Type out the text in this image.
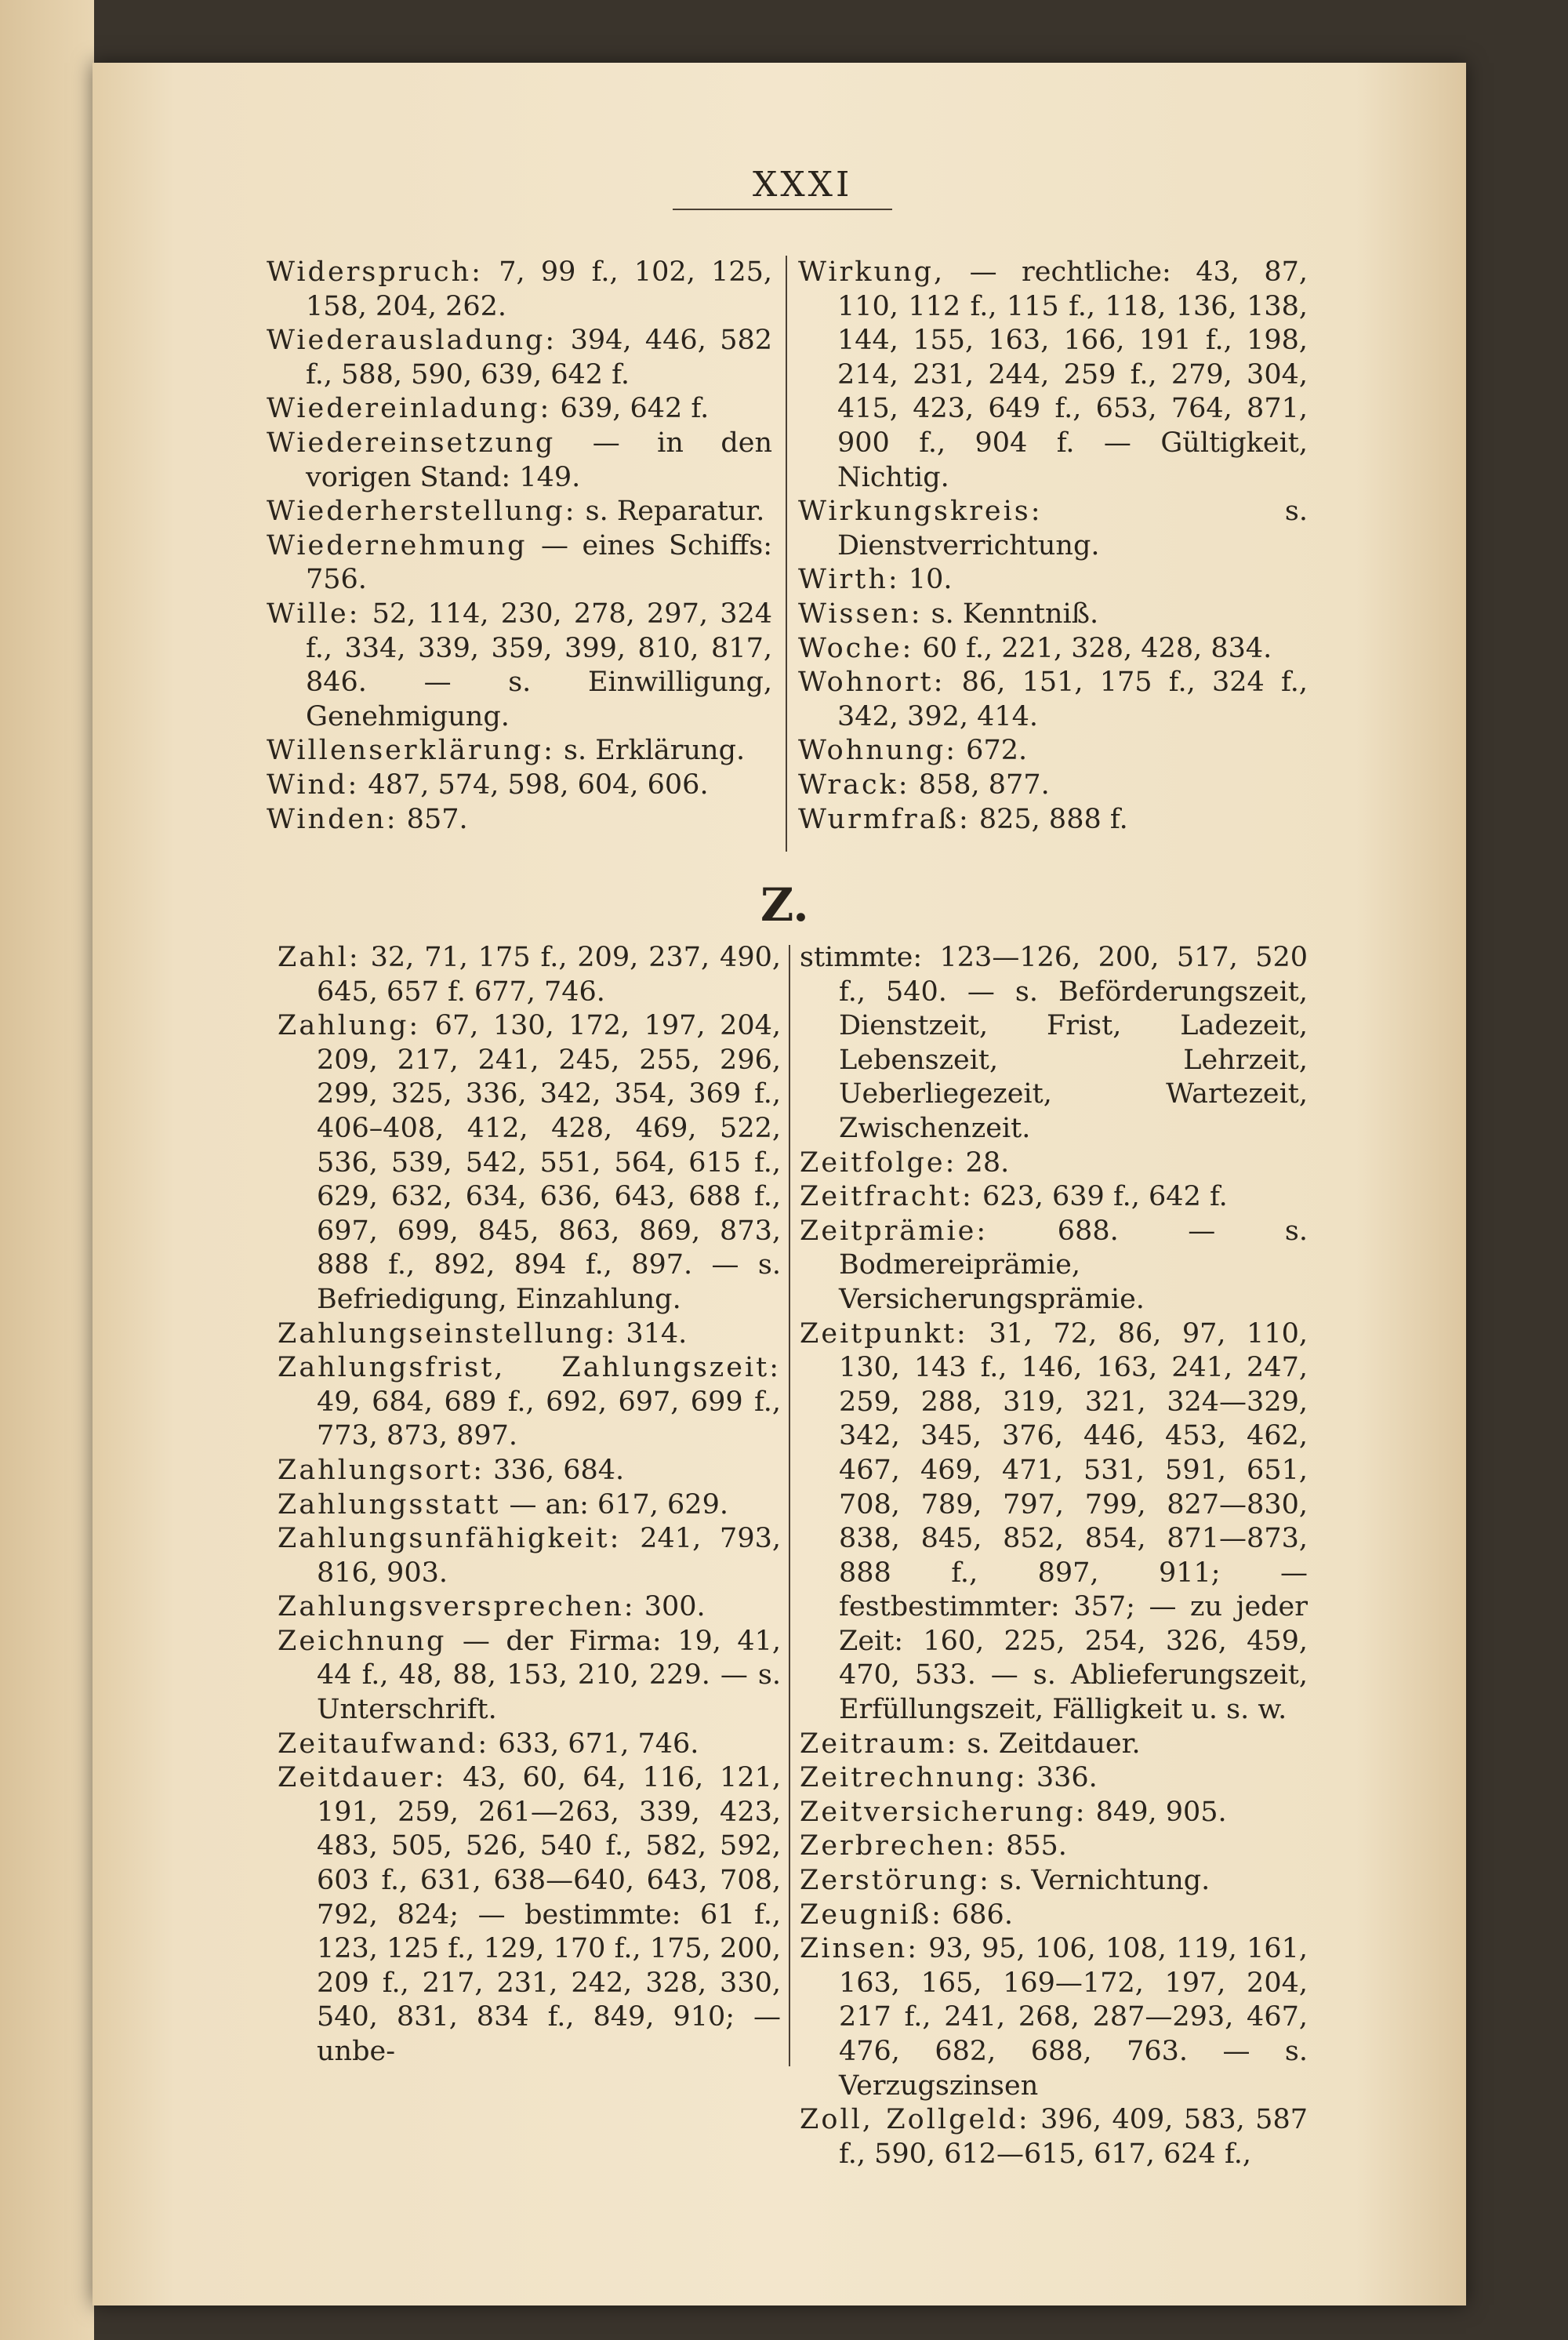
XXXI

Widerspruch: 7, 99 f., 102, 125, 158, 204, 262.

Wiederausladung: 394, 446, 582 f., 588, 590, 639, 642 f.

Wiedereinladung: 639, 642 f.

Wiedereinsetzung — in den vorigen Stand: 149.

Wiederherstellung: s. Reparatur.

Wiedernehmung — eines Schiffs: 756.

Wille: 52, 114, 230, 278, 297, 324 f., 334, 339, 359, 399, 810, 817, 846. — s. Einwilligung, Genehmigung.

Willenserklärung: s. Erklärung.

Wind: 487, 574, 598, 604, 606.

Winden: 857.

Wirkung, — rechtliche: 43, 87, 110, 112 f., 115 f., 118, 136, 138, 144, 155, 163, 166, 191 f., 198, 214, 231, 244, 259 f., 279, 304, 415, 423, 649 f., 653, 764, 871, 900 f., 904 f. — Gültigkeit, Nichtig.

Wirkungskreis: s. Dienstverrichtung.

Wirth: 10.

Wissen: s. Kenntniß.

Woche: 60 f., 221, 328, 428, 834.

Wohnort: 86, 151, 175 f., 324 f., 342, 392, 414.

Wohnung: 672.

Wrack: 858, 877.

Wurmfraß: 825, 888 f.

Z.

Zahl: 32, 71, 175 f., 209, 237, 490, 645, 657 f. 677, 746.

Zahlung: 67, 130, 172, 197, 204, 209, 217, 241, 245, 255, 296, 299, 325, 336, 342, 354, 369 f., 406–408, 412, 428, 469, 522, 536, 539, 542, 551, 564, 615 f., 629, 632, 634, 636, 643, 688 f., 697, 699, 845, 863, 869, 873, 888 f., 892, 894 f., 897. — s. Befriedigung, Einzahlung.

Zahlungseinstellung: 314.

Zahlungsfrist, Zahlungszeit: 49, 684, 689 f., 692, 697, 699 f., 773, 873, 897.

Zahlungsort: 336, 684.

Zahlungsstatt — an: 617, 629.

Zahlungsunfähigkeit: 241, 793, 816, 903.

Zahlungsversprechen: 300.

Zeichnung — der Firma: 19, 41, 44 f., 48, 88, 153, 210, 229. — s. Unterschrift.

Zeitaufwand: 633, 671, 746.

Zeitdauer: 43, 60, 64, 116, 121, 191, 259, 261—263, 339, 423, 483, 505, 526, 540 f., 582, 592, 603 f., 631, 638—640, 643, 708, 792, 824; — bestimmte: 61 f., 123, 125 f., 129, 170 f., 175, 200, 209 f., 217, 231, 242, 328, 330, 540, 831, 834 f., 849, 910; — unbe-

stimmte: 123—126, 200, 517, 520 f., 540. — s. Beförderungszeit, Dienstzeit, Frist, Ladezeit, Lebenszeit, Lehrzeit, Ueberliegezeit, Wartezeit, Zwischenzeit.

Zeitfolge: 28.

Zeitfracht: 623, 639 f., 642 f.

Zeitprämie: 688. — s. Bodmereiprämie, Versicherungsprämie.

Zeitpunkt: 31, 72, 86, 97, 110, 130, 143 f., 146, 163, 241, 247, 259, 288, 319, 321, 324—329, 342, 345, 376, 446, 453, 462, 467, 469, 471, 531, 591, 651, 708, 789, 797, 799, 827—830, 838, 845, 852, 854, 871—873, 888 f., 897, 911; — festbestimmter: 357; — zu jeder Zeit: 160, 225, 254, 326, 459, 470, 533. — s. Ablieferungszeit, Erfüllungszeit, Fälligkeit u. s. w.

Zeitraum: s. Zeitdauer.

Zeitrechnung: 336.

Zeitversicherung: 849, 905.

Zerbrechen: 855.

Zerstörung: s. Vernichtung.

Zeugniß: 686.

Zinsen: 93, 95, 106, 108, 119, 161, 163, 165, 169—172, 197, 204, 217 f., 241, 268, 287—293, 467, 476, 682, 688, 763. — s. Verzugszinsen

Zoll, Zollgeld: 396, 409, 583, 587 f., 590, 612—615, 617, 624 f.,
